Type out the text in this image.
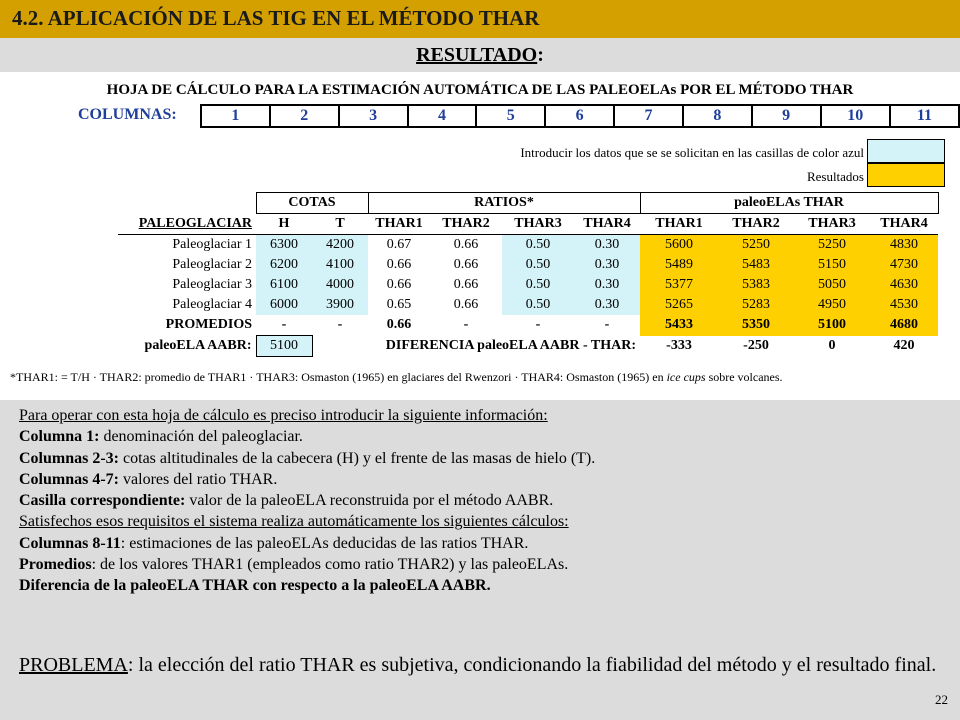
4.2. APLICACIÓN DE LAS TIG EN EL MÉTODO THAR
RESULTADO:
HOJA DE CÁLCULO PARA LA ESTIMACIÓN AUTOMÁTICA DE LAS PALEOELAs POR EL MÉTODO THAR
COLUMNAS:	1	2	3	4	5	6	7	8	9	10	11
Introducir los datos que se se solicitan en las casillas de color azul
Resultados
	COTAS		RATIOS*				paleoELAs THAR			
PALEOGLACIAR	H	T	THAR1	THAR2	THAR3	THAR4	THAR1	THAR2	THAR3	THAR4
Paleoglaciar 1	6300	4200	0.67	0.66	0.50	0.30	5600	5250	5250	4830
Paleoglaciar 2	6200	4100	0.66	0.66	0.50	0.30	5489	5483	5150	4730
Paleoglaciar 3	6100	4000	0.66	0.66	0.50	0.30	5377	5383	5050	4630
Paleoglaciar 4	6000	3900	0.65	0.66	0.50	0.30	5265	5283	4950	4530
PROMEDIOS	-	-	0.66	-	-	-	5433	5350	5100	4680
paleoELA AABR:	5100	DIFERENCIA paleoELA AABR - THAR:					-333	-250	0	420
*THAR1: = T/H · THAR2: promedio de THAR1 · THAR3: Osmaston (1965) en glaciares del Rwenzori · THAR4: Osmaston (1965) en ice cups sobre volcanes.
Para operar con esta hoja de cálculo es preciso introducir la siguiente información:
Columna 1: denominación del paleoglaciar.
Columnas 2-3: cotas altitudinales de la cabecera (H) y el frente de las masas de hielo (T).
Columnas 4-7: valores del ratio THAR.
Casilla correspondiente: valor de la paleoELA reconstruida por el método AABR.
Satisfechos esos requisitos el sistema realiza automáticamente los siguientes cálculos:
Columnas 8-11: estimaciones de las paleoELAs deducidas de las ratios THAR.
Promedios: de los valores THAR1 (empleados como ratio THAR2) y las paleoELAs.
Diferencia de la paleoELA THAR con respecto a la paleoELA AABR.
PROBLEMA: la elección del ratio THAR es subjetiva, condicionando la fiabilidad del método y el resultado final.
22
